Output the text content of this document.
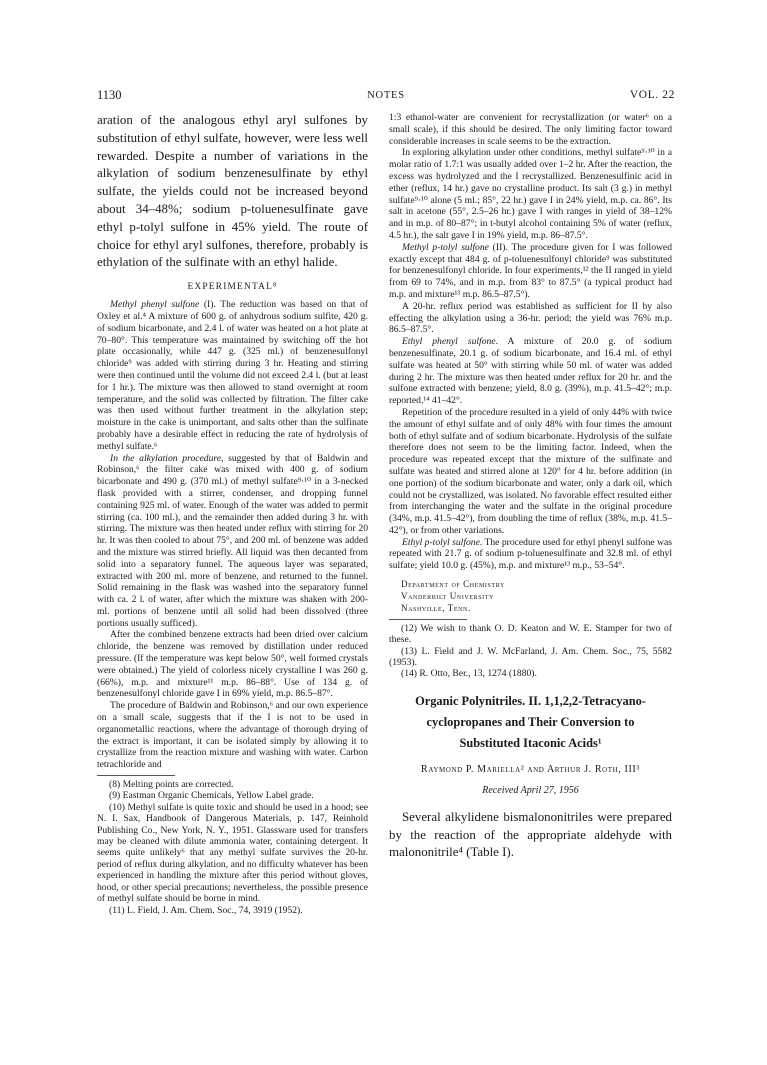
1130	NOTES	VOL. 22

aration of the analogous ethyl aryl sulfones by substitution of ethyl sulfate, however, were less well rewarded. Despite a number of variations in the alkylation of sodium benzenesulfinate by ethyl sulfate, the yields could not be increased beyond about 34–48%; sodium p-toluenesulfinate gave ethyl p-tolyl sulfone in 45% yield. The route of choice for ethyl aryl sulfones, therefore, probably is ethylation of the sulfinate with an ethyl halide.

EXPERIMENTAL⁸

Methyl phenyl sulfone (I). The reduction was based on that of Oxley et al.⁴ A mixture of 600 g. of anhydrous sodium sulfite, 420 g. of sodium bicarbonate, and 2.4 l. of water was heated on a hot plate at 70–80°. This temperature was maintained by switching off the hot plate occasionally, while 447 g. (325 ml.) of benzenesulfonyl chloride⁹ was added with stirring during 3 hr. Heating and stirring were then continued until the volume did not exceed 2.4 l. (but at least for 1 hr.). The mixture was then allowed to stand overnight at room temperature, and the solid was collected by filtration. The filter cake was then used without further treatment in the alkylation step; moisture in the cake is unimportant, and salts other than the sulfinate probably have a desirable effect in reducing the rate of hydrolysis of methyl sulfate.⁶

In the alkylation procedure, suggested by that of Baldwin and Robinson,⁶ the filter cake was mixed with 400 g. of sodium bicarbonate and 490 g. (370 ml.) of methyl sulfate⁹·¹⁰ in a 3-necked flask provided with a stirrer, condenser, and dropping funnel containing 925 ml. of water. Enough of the water was added to permit stirring (ca. 100 ml.), and the remainder then added during 3 hr. with stirring. The mixture was then heated under reflux with stirring for 20 hr. It was then cooled to about 75°, and 200 ml. of benzene was added and the mixture was stirred briefly. All liquid was then decanted from solid into a separatory funnel. The aqueous layer was separated, extracted with 200 ml. more of benzene, and returned to the funnel. Solid remaining in the flask was washed into the separatory funnel with ca. 2 l. of water, after which the mixture was shaken with 200-ml. portions of benzene until all solid had been dissolved (three portions usually sufficed).

After the combined benzene extracts had been dried over calcium chloride, the benzene was removed by distillation under reduced pressure. (If the temperature was kept below 50°, well formed crystals were obtained.) The yield of colorless nicely crystalline I was 260 g. (66%), m.p. and mixture¹¹ m.p. 86–88°. Use of 134 g. of benzenesulfonyl chloride gave I in 69% yield, m.p. 86.5–87°.

The procedure of Baldwin and Robinson,⁶ and our own experience on a small scale, suggests that if the I is not to be used in organometallic reactions, where the advantage of thorough drying of the extract is important, it can be isolated simply by allowing it to crystallize from the reaction mixture and washing with water. Carbon tetrachloride and

(8) Melting points are corrected.

(9) Eastman Organic Chemicals, Yellow Label grade.

(10) Methyl sulfate is quite toxic and should be used in a hood; see N. I. Sax, Handbook of Dangerous Materials, p. 147, Reinhold Publishing Co., New York, N. Y., 1951. Glassware used for transfers may be cleaned with dilute ammonia water, containing detergent. It seems quite unlikely⁶ that any methyl sulfate survives the 20-hr. period of reflux during alkylation, and no difficulty whatever has been experienced in handling the mixture after this period without gloves, hood, or other special precautions; nevertheless, the possible presence of methyl sulfate should be borne in mind.

(11) L. Field, J. Am. Chem. Soc., 74, 3919 (1952).

1:3 ethanol-water are convenient for recrystallization (or water⁶ on a small scale), if this should be desired. The only limiting factor toward considerable increases in scale seems to be the extraction.

In exploring alkylation under other conditions, methyl sulfate⁹·¹⁰ in a molar ratio of 1.7:1 was usually added over 1–2 hr. After the reaction, the excess was hydrolyzed and the I recrystallized. Benzenesulfinic acid in ether (reflux, 14 hr.) gave no crystalline product. Its salt (3 g.) in methyl sulfate⁹·¹⁰ alone (5 ml.; 85°, 22 hr.) gave I in 24% yield, m.p. ca. 86°. Its salt in acetone (55°, 2.5–26 hr.) gave I with ranges in yield of 38–12% and in m.p. of 80–87°; in t-butyl alcohol containing 5% of water (reflux, 4.5 hr.), the salt gave I in 19% yield, m.p. 86–87.5°.

Methyl p-tolyl sulfone (II). The procedure given for I was followed exactly except that 484 g. of p-toluenesulfonyl chloride⁹ was substituted for benzenesulfonyl chloride. In four experiments,¹² the II ranged in yield from 69 to 74%, and in m.p. from 83° to 87.5° (a typical product had m.p. and mixture¹³ m.p. 86.5–87.5°).

A 20-hr. reflux period was established as sufficient for II by also effecting the alkylation using a 36-hr. period; the yield was 76% m.p. 86.5–87.5°.

Ethyl phenyl sulfone. A mixture of 20.0 g. of sodium benzenesulfinate, 20.1 g. of sodium bicarbonate, and 16.4 ml. of ethyl sulfate was heated at 50° with stirring while 50 ml. of water was added during 2 hr. The mixture was then heated under reflux for 20 hr. and the sulfone extracted with benzene; yield, 8.0 g. (39%), m.p. 41.5–42°; m.p. reported,¹⁴ 41–42°.

Repetition of the procedure resulted in a yield of only 44% with twice the amount of ethyl sulfate and of only 48% with four times the amount both of ethyl sulfate and of sodium bicarbonate. Hydrolysis of the sulfate therefore does not seem to be the limiting factor. Indeed, when the procedure was repeated except that the mixture of the sulfinate and sulfate was heated and stirred alone at 120° for 4 hr. before addition (in one portion) of the sodium bicarbonate and water, only a dark oil, which could not be crystallized, was isolated. No favorable effect resulted either from interchanging the water and the sulfate in the original procedure (34%, m.p. 41.5–42°), from doubling the time of reflux (38%, m.p. 41.5–42°), or from other variations.

Ethyl p-tolyl sulfone. The procedure used for ethyl phenyl sulfone was repeated with 21.7 g. of sodium p-toluenesulfinate and 32.8 ml. of ethyl sulfate; yield 10.0 g. (45%), m.p. and mixture¹³ m.p., 53–54°.

Department of Chemistry
Vanderbilt University
Nashville, Tenn.

(12) We wish to thank O. D. Keaton and W. E. Stamper for two of these.

(13) L. Field and J. W. McFarland, J. Am. Chem. Soc., 75, 5582 (1953).

(14) R. Otto, Ber., 13, 1274 (1880).

Organic Polynitriles. II. 1,1,2,2-Tetracyano-
cyclopropanes and Their Conversion to
Substituted Itaconic Acids¹
Raymond P. Mariella² and Arthur J. Roth, III³
Received April 27, 1956

Several alkylidene bismalononitriles were prepared by the reaction of the appropriate aldehyde with malononitrile⁴ (Table I).
